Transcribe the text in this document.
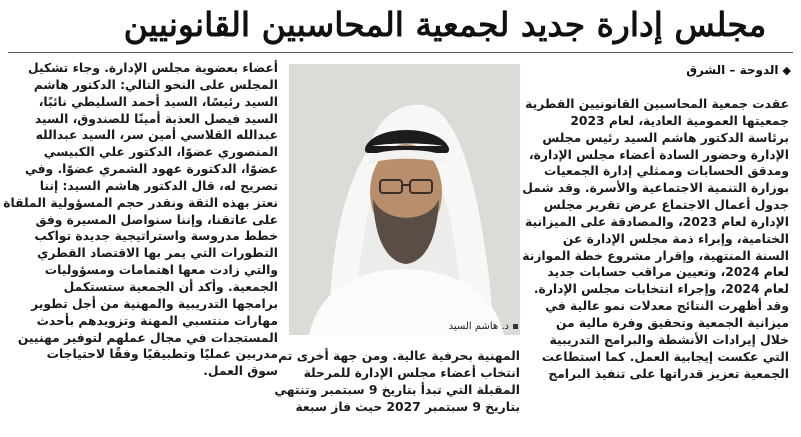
مجلس إدارة جديد لجمعية المحاسبين القانونيين
◆الدوحة – الشرق
د. هاشم السيد

عقدت جمعية المحاسبين القانونيين القطرية

جمعيتها العمومية العادية، لعام 2023

برئاسة الدكتور هاشم السيد رئيس مجلس

الإدارة وحضور السادة أعضاء مجلس الإدارة،

ومدقق الحسابات وممثلي إدارة الجمعيات

بوزارة التنمية الاجتماعية والأسرة. وقد شمل

جدول أعمال الاجتماع عرض تقرير مجلس

الإدارة لعام 2023، والمصادقة على الميزانية

الختامية، وإبراء ذمة مجلس الإدارة عن

السنة المنتهية، وإقرار مشروع خطة الموازنة

لعام 2024، وتعيين مراقب حسابات جديد

لعام 2024، وإجراء انتخابات مجلس الإدارة.

وقد أظهرت النتائج معدلات نمو عالية في

ميزانية الجمعية وتحقيق وفرة مالية من

خلال إيرادات الأنشطة والبرامج التدريبية

التي عكست إيجابية العمل. كما استطاعت

الجمعية تعزيز قدراتها على تنفيذ البرامج

المهنية بحرفية عالية. ومن جهة أخرى تم

انتخاب أعضاء مجلس الإدارة للمرحلة

المقبلة التي تبدأ بتاريخ 9 سبتمبر وتنتهي

بتاريخ 9 سبتمبر 2027 حيث فاز سبعة

أعضاء بعضوية مجلس الإدارة. وجاء تشكيل

المجلس على النحو التالي: الدكتور هاشم

السيد رئيسًا، السيد أحمد السليطي نائبًا،

السيد فيصل العذبة أمينًا للصندوق، السيد

عبدالله القلاسي أمين سر، السيد عبدالله

المنصوري عضوًا، الدكتور علي الكبيسي

عضوًا، الدكتورة عهود الشمري عضوًا. وفي

تصريح له، قال الدكتور هاشم السيد: إننا

نعتز بهذه الثقة ونقدر حجم المسؤولية الملقاة

على عاتقنا، وإننا سنواصل المسيرة وفق

خطط مدروسة واستراتيجية جديدة تواكب

التطورات التي يمر بها الاقتصاد القطري

والتي زادت معها اهتمامات ومسؤوليات

الجمعية. وأكد أن الجمعية ستستكمل

برامجها التدريبية والمهنية من أجل تطوير

مهارات منتسبي المهنة وتزويدهم بأحدث

المستجدات في مجال عملهم لتوفير مهنيين

مدربين عمليًا وتطبيقيًا وفقًا لاحتياجات

سوق العمل.
